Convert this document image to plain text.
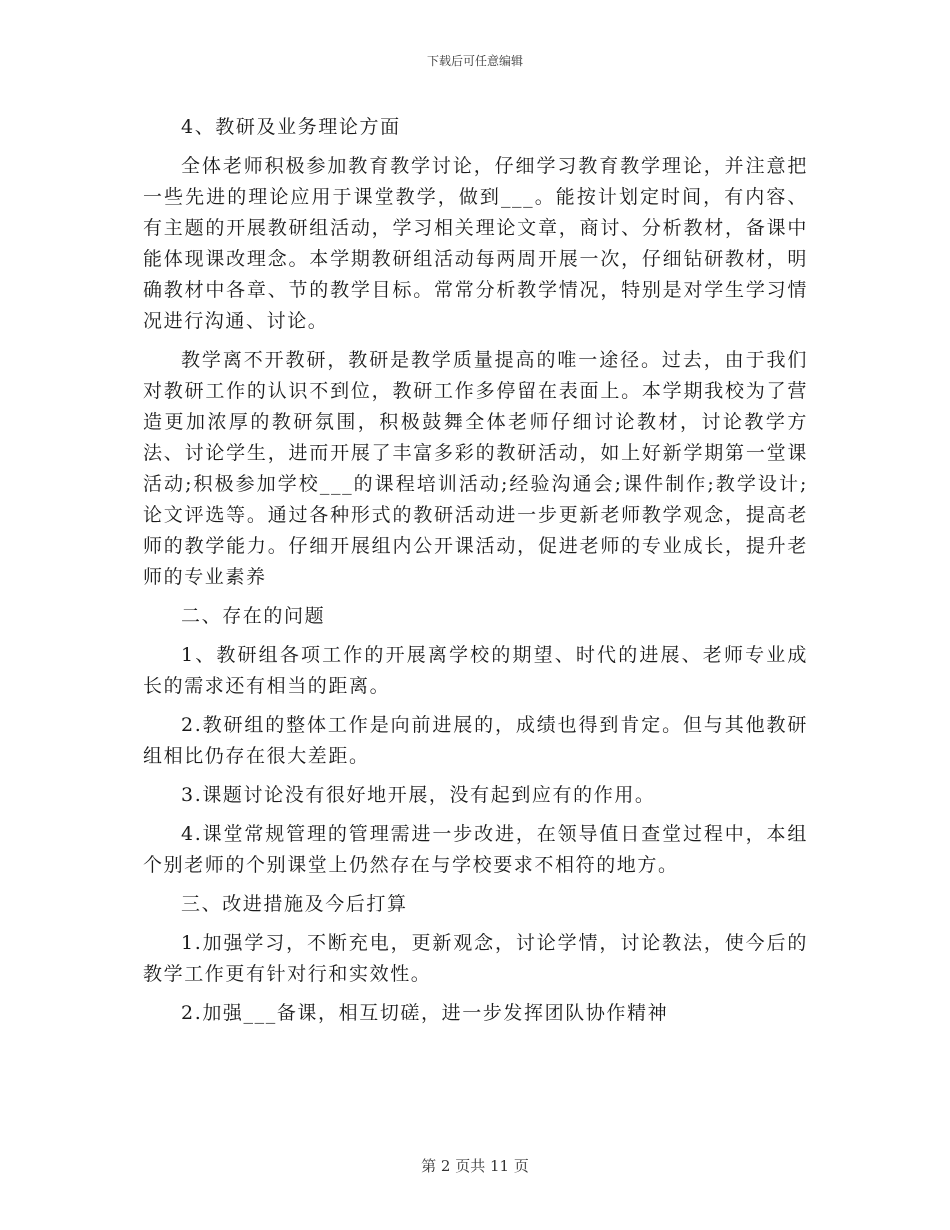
下载后可任意编辑

4、教研及业务理论方面

全体老师积极参加教育教学讨论，仔细学习教育教学理论，并注意把一些先进的理论应用于课堂教学，做到___。能按计划定时间，有内容、有主题的开展教研组活动，学习相关理论文章，商讨、分析教材，备课中能体现课改理念。本学期教研组活动每两周开展一次，仔细钻研教材，明确教材中各章、节的教学目标。常常分析教学情况，特别是对学生学习情况进行沟通、讨论。

教学离不开教研，教研是教学质量提高的唯一途径。过去，由于我们对教研工作的认识不到位，教研工作多停留在表面上。本学期我校为了营造更加浓厚的教研氛围，积极鼓舞全体老师仔细讨论教材，讨论教学方法、讨论学生，进而开展了丰富多彩的教研活动，如上好新学期第一堂课活动;积极参加学校___的课程培训活动;经验沟通会;课件制作;教学设计;论文评选等。通过各种形式的教研活动进一步更新老师教学观念，提高老师的教学能力。仔细开展组内公开课活动，促进老师的专业成长，提升老师的专业素养

二、存在的问题

1、教研组各项工作的开展离学校的期望、时代的进展、老师专业成长的需求还有相当的距离。

2.教研组的整体工作是向前进展的，成绩也得到肯定。但与其他教研组相比仍存在很大差距。

3.课题讨论没有很好地开展，没有起到应有的作用。

4.课堂常规管理的管理需进一步改进，在领导值日查堂过程中，本组个别老师的个别课堂上仍然存在与学校要求不相符的地方。

三、改进措施及今后打算

1.加强学习，不断充电，更新观念，讨论学情，讨论教法，使今后的教学工作更有针对行和实效性。

2.加强___备课，相互切磋，进一步发挥团队协作精神

第 2 页共 11 页
